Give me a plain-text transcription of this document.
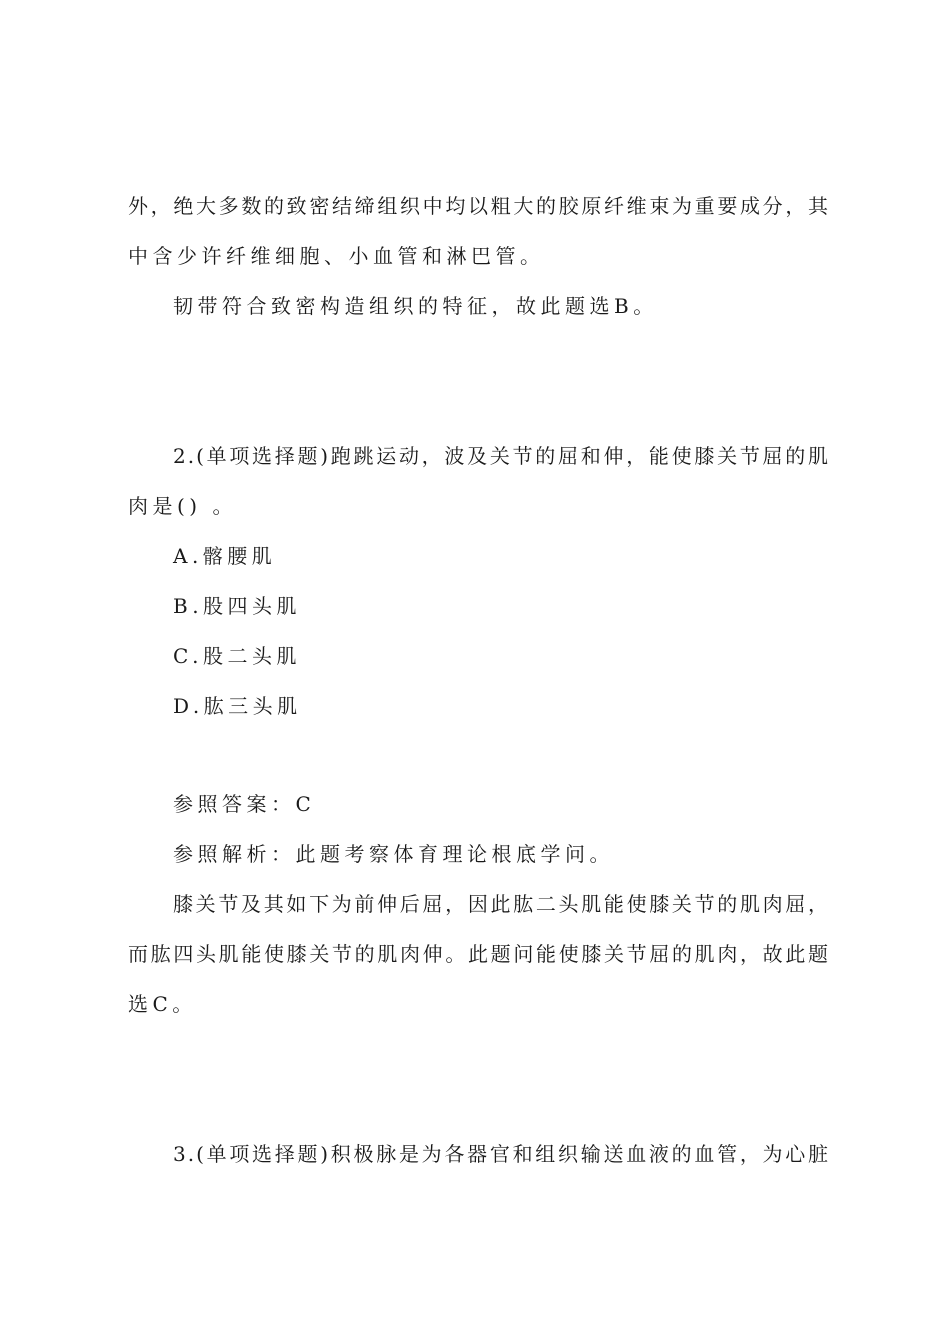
外，绝大多数的致密结缔组织中均以粗大的胶原纤维束为重要成分，其
中含少许纤维细胞、小血管和淋巴管。
韧带符合致密构造组织的特征，故此题选B。
2.(单项选择题)跑跳运动，波及关节的屈和伸，能使膝关节屈的肌
肉是() 。
A.髂腰肌
B.股四头肌
C.股二头肌
D.肱三头肌
参照答案：C
参照解析：此题考察体育理论根底学问。
膝关节及其如下为前伸后屈，因此肱二头肌能使膝关节的肌肉屈，
而肱四头肌能使膝关节的肌肉伸。此题问能使膝关节屈的肌肉，故此题
选C。
3.(单项选择题)积极脉是为各器官和组织输送血液的血管，为心脏
